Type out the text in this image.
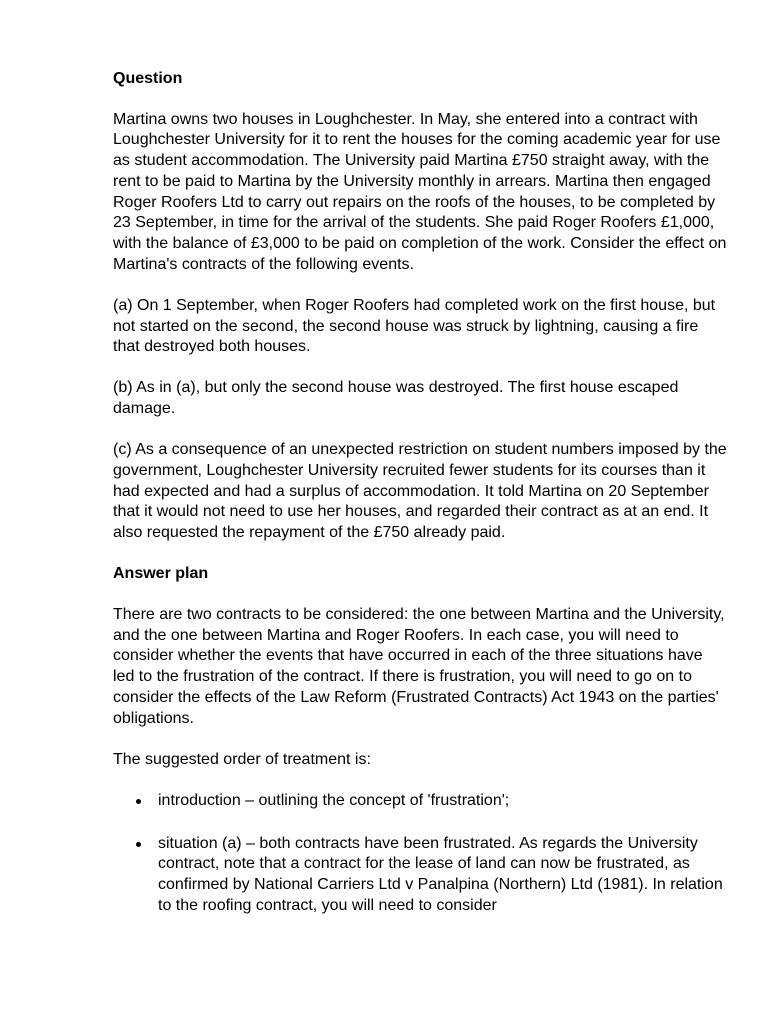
Question
Martina owns two houses in Loughchester. In May, she entered into a contract with Loughchester University for it to rent the houses for the coming academic year for use as student accommodation. The University paid Martina £750 straight away, with the rent to be paid to Martina by the University monthly in arrears. Martina then engaged Roger Roofers Ltd to carry out repairs on the roofs of the houses, to be completed by 23 September, in time for the arrival of the students. She paid Roger Roofers £1,000, with the balance of £3,000 to be paid on completion of the work. Consider the effect on Martina's contracts of the following events.
(a) On 1 September, when Roger Roofers had completed work on the first house, but not started on the second, the second house was struck by lightning, causing a fire that destroyed both houses.
(b) As in (a), but only the second house was destroyed. The first house escaped damage.
(c) As a consequence of an unexpected restriction on student numbers imposed by the government, Loughchester University recruited fewer students for its courses than it had expected and had a surplus of accommodation. It told Martina on 20 September that it would not need to use her houses, and regarded their contract as at an end. It also requested the repayment of the £750 already paid.
Answer plan
There are two contracts to be considered: the one between Martina and the University, and the one between Martina and Roger Roofers. In each case, you will need to consider whether the events that have occurred in each of the three situations have led to the frustration of the contract. If there is frustration, you will need to go on to consider the effects of the Law Reform (Frustrated Contracts) Act 1943 on the parties' obligations.
The suggested order of treatment is:
introduction – outlining the concept of 'frustration';
situation (a) – both contracts have been frustrated. As regards the University contract, note that a contract for the lease of land can now be frustrated, as confirmed by National Carriers Ltd v Panalpina (Northern) Ltd (1981). In relation to the roofing contract, you will need to consider
